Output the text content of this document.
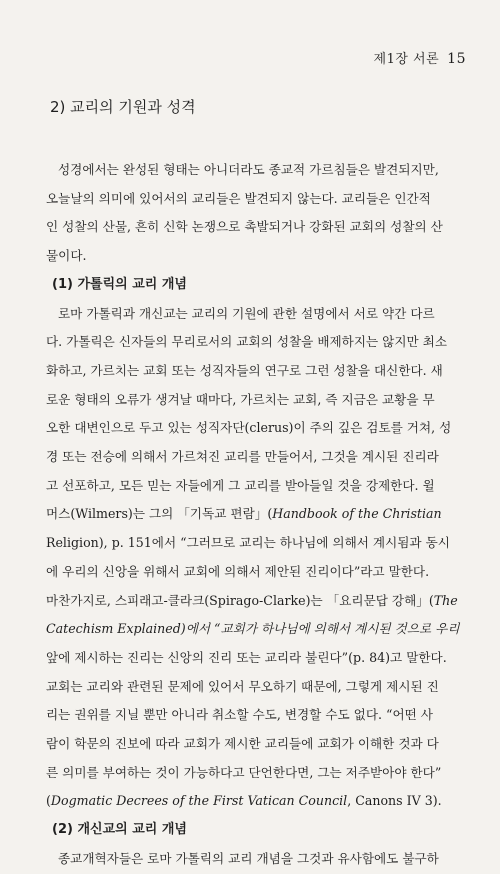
제1장 서론 15
2) 교리의 기원과 성격

성경에서는 완성된 형태는 아니더라도 종교적 가르침들은 발견되지만,
오늘날의 의미에 있어서의 교리들은 발견되지 않는다. 교리들은 인간적
인 성찰의 산물, 흔히 신학 논쟁으로 촉발되거나 강화된 교회의 성찰의 산
물이다.

(1) 가톨릭의 교리 개념

로마 가톨릭과 개신교는 교리의 기원에 관한 설명에서 서로 약간 다르
다. 가톨릭은 신자들의 무리로서의 교회의 성찰을 배제하지는 않지만 최소
화하고, 가르치는 교회 또는 성직자들의 연구로 그런 성찰을 대신한다. 새
로운 형태의 오류가 생겨날 때마다, 가르치는 교회, 즉 지금은 교황을 무
오한 대변인으로 두고 있는 성직자단(clerus)이 주의 깊은 검토를 거쳐, 성
경 또는 전승에 의해서 가르쳐진 교리를 만들어서, 그것을 계시된 진리라
고 선포하고, 모든 믿는 자들에게 그 교리를 받아들일 것을 강제한다. 윌
머스(Wilmers)는 그의 「기독교 편람」(Handbook of the Christian
Religion), p. 151에서 “그러므로 교리는 하나님에 의해서 계시됨과 동시
에 우리의 신앙을 위해서 교회에 의해서 제안된 진리이다”라고 말한다.

마찬가지로, 스피래고-클라크(Spirago-Clarke)는 「요리문답 강해」(The
Catechism Explained)에서 “교회가 하나님에 의해서 계시된 것으로 우리
앞에 제시하는 진리는 신앙의 진리 또는 교리라 불린다”(p. 84)고 말한다.
교회는 교리와 관련된 문제에 있어서 무오하기 때문에, 그렇게 제시된 진
리는 권위를 지닐 뿐만 아니라 취소할 수도, 변경할 수도 없다. “어떤 사
람이 학문의 진보에 따라 교회가 제시한 교리들에 교회가 이해한 것과 다
른 의미를 부여하는 것이 가능하다고 단언한다면, 그는 저주받아야 한다”
(Dogmatic Decrees of the First Vatican Council, Canons IV 3).

(2) 개신교의 교리 개념

종교개혁자들은 로마 가톨릭의 교리 개념을 그것과 유사함에도 불구하
